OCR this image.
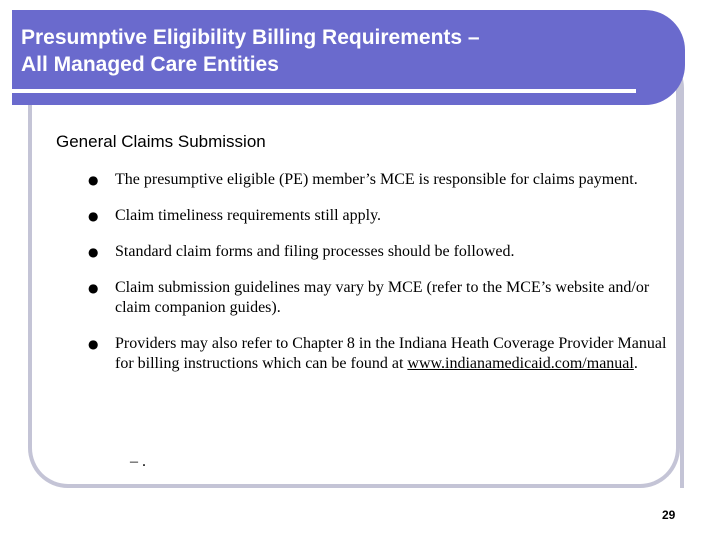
Presumptive Eligibility Billing Requirements –
All Managed Care Entities
General Claims Submission
● The presumptive eligible (PE) member’s MCE is responsible for claims payment.
● Claim timeliness requirements still apply.
● Standard claim forms and filing processes should be followed.
● Claim submission guidelines may vary by MCE (refer to the MCE’s website and/or claim companion guides).
● Providers may also refer to Chapter 8 in the Indiana Heath Coverage Provider Manual for billing instructions which can be found at www.indianamedicaid.com/manual.
– .
29
